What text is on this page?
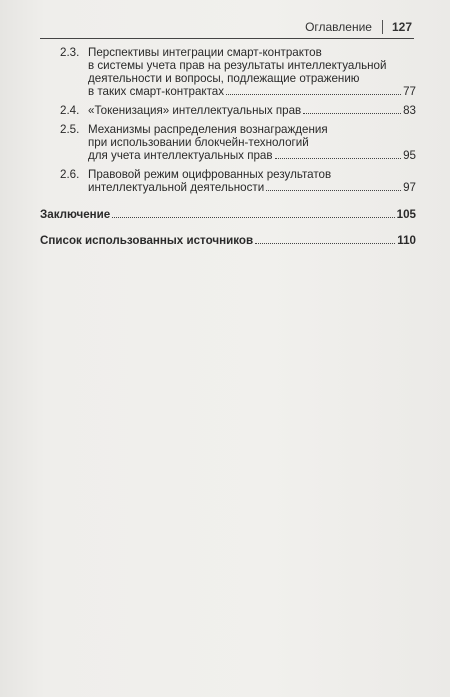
Оглавление 127
2.3. Перспективы интеграции смарт-контрактов
в системы учета прав на результаты интеллектуальной
деятельности и вопросы, подлежащие отражению
в таких смарт-контрактах	77
2.4. «Токенизация» интеллектуальных прав	83
2.5. Механизмы распределения вознаграждения
при использовании блокчейн-технологий
для учета интеллектуальных прав	95
2.6. Правовой режим оцифрованных результатов
интеллектуальной деятельности	97
Заключение	105
Список использованных источников	110
